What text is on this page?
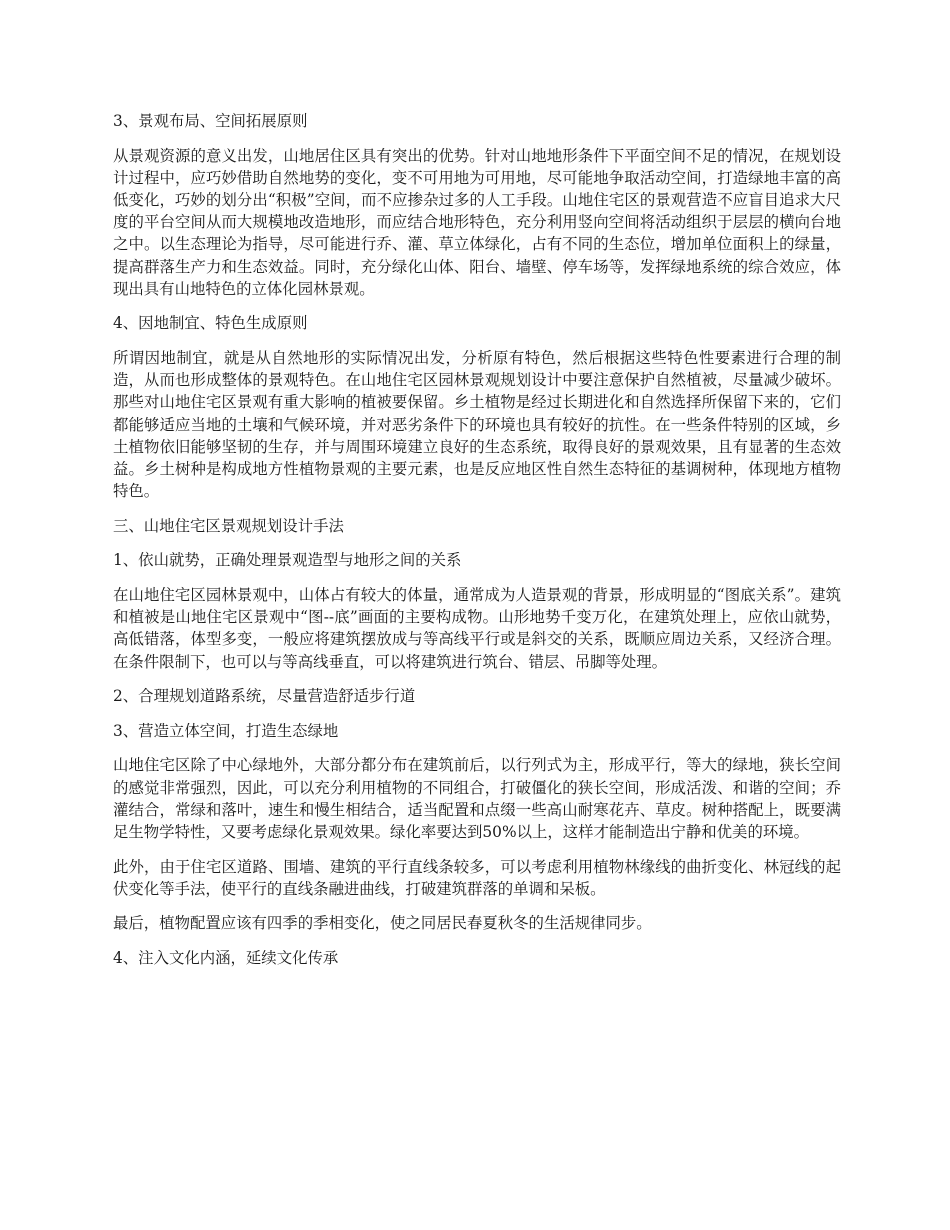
3、景观布局、空间拓展原则

从景观资源的意义出发，山地居住区具有突出的优势。针对山地地形条件下平面空间不足的情况，在规划设计过程中，应巧妙借助自然地势的变化，变不可用地为可用地，尽可能地争取活动空间，打造绿地丰富的高低变化，巧妙的划分出“积极”空间，而不应掺杂过多的人工手段。山地住宅区的景观营造不应盲目追求大尺度的平台空间从而大规模地改造地形，而应结合地形特色，充分利用竖向空间将活动组织于层层的横向台地之中。以生态理论为指导，尽可能进行乔、灌、草立体绿化，占有不同的生态位，增加单位面积上的绿量，提高群落生产力和生态效益。同时，充分绿化山体、阳台、墙壁、停车场等，发挥绿地系统的综合效应，体现出具有山地特色的立体化园林景观。

4、因地制宜、特色生成原则

所谓因地制宜，就是从自然地形的实际情况出发，分析原有特色，然后根据这些特色性要素进行合理的制造，从而也形成整体的景观特色。在山地住宅区园林景观规划设计中要注意保护自然植被，尽量减少破坏。那些对山地住宅区景观有重大影响的植被要保留。乡土植物是经过长期进化和自然选择所保留下来的，它们都能够适应当地的土壤和气候环境，并对恶劣条件下的环境也具有较好的抗性。在一些条件特别的区域，乡土植物依旧能够坚韧的生存，并与周围环境建立良好的生态系统，取得良好的景观效果，且有显著的生态效益。乡土树种是构成地方性植物景观的主要元素，也是反应地区性自然生态特征的基调树种，体现地方植物特色。

三、山地住宅区景观规划设计手法

1、依山就势，正确处理景观造型与地形之间的关系

在山地住宅区园林景观中，山体占有较大的体量，通常成为人造景观的背景，形成明显的“图底关系”。建筑和植被是山地住宅区景观中“图--底”画面的主要构成物。山形地势千变万化，在建筑处理上，应依山就势，高低错落，体型多变，一般应将建筑摆放成与等高线平行或是斜交的关系，既顺应周边关系，又经济合理。在条件限制下，也可以与等高线垂直，可以将建筑进行筑台、错层、吊脚等处理。

2、合理规划道路系统，尽量营造舒适步行道

3、营造立体空间，打造生态绿地

山地住宅区除了中心绿地外，大部分都分布在建筑前后，以行列式为主，形成平行，等大的绿地，狭长空间的感觉非常强烈，因此，可以充分利用植物的不同组合，打破僵化的狭长空间，形成活泼、和谐的空间；乔灌结合，常绿和落叶，速生和慢生相结合，适当配置和点缀一些高山耐寒花卉、草皮。树种搭配上，既要满足生物学特性，又要考虑绿化景观效果。绿化率要达到50%以上，这样才能制造出宁静和优美的环境。

此外，由于住宅区道路、围墙、建筑的平行直线条较多，可以考虑利用植物林缘线的曲折变化、林冠线的起伏变化等手法，使平行的直线条融进曲线，打破建筑群落的单调和呆板。

最后，植物配置应该有四季的季相变化，使之同居民春夏秋冬的生活规律同步。

4、注入文化内涵，延续文化传承
